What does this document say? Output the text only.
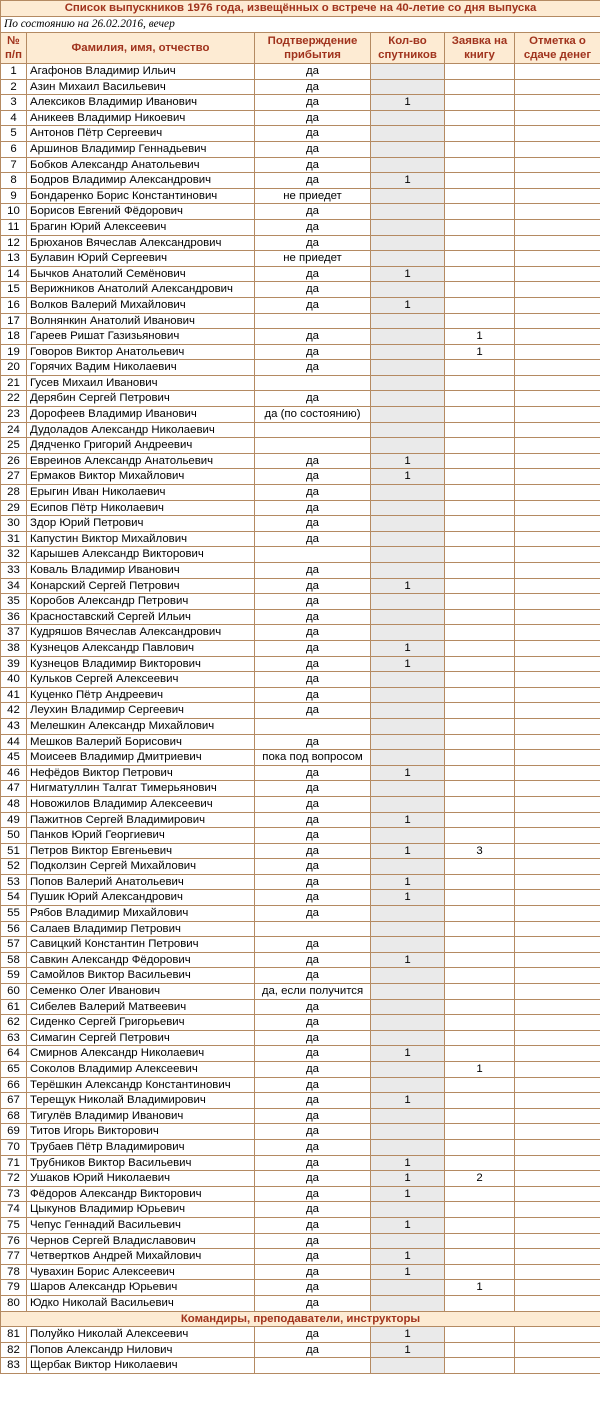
Список выпускников 1976 года, извещённых о встрече на 40-летие со дня выпуска					
По состоянию на 26.02.2016, вечер					
№ п/п	Фамилия, имя, отчество	Подтверждение прибытия	Кол-во спутников	Заявка на книгу	Отметка о сдаче денег
1	Агафонов Владимир Ильич	да			
2	Азин Михаил Васильевич	да			
3	Алексиков Владимир Иванович	да	1		
4	Аникеев Владимир Никоевич	да			
5	Антонов Пётр Сергеевич	да			
6	Аршинов Владимир Геннадьевич	да			
7	Бобков Александр Анатольевич	да			
8	Бодров Владимир Александрович	да	1		
9	Бондаренко Борис Константинович	не приедет			
10	Борисов Евгений Фёдорович	да			
11	Брагин Юрий Алексеевич	да			
12	Брюханов Вячеслав Александрович	да			
13	Булавин Юрий Сергеевич	не приедет			
14	Бычков Анатолий Семёнович	да	1		
15	Верижников Анатолий Александрович	да			
16	Волков Валерий Михайлович	да	1		
17	Волнянкин Анатолий Иванович				
18	Гареев Ришат Газизьянович	да		1	
19	Говоров Виктор Анатольевич	да		1	
20	Горячих Вадим Николаевич	да			
21	Гусев Михаил Иванович				
22	Дерябин Сергей Петрович	да			
23	Дорофеев Владимир Иванович	да (по состоянию)			
24	Дудоладов Александр Николаевич				
25	Дядченко Григорий Андреевич				
26	Евреинов Александр Анатольевич	да	1		
27	Ермаков Виктор Михайлович	да	1		
28	Ерыгин Иван Николаевич	да			
29	Есипов Пётр Николаевич	да			
30	Здор Юрий Петрович	да			
31	Капустин Виктор Михайлович	да			
32	Карышев Александр Викторович				
33	Коваль Владимир Иванович	да			
34	Конарский Сергей Петрович	да	1		
35	Коробов Александр Петрович	да			
36	Красноставский Сергей Ильич	да			
37	Кудряшов Вячеслав Александрович	да			
38	Кузнецов Александр Павлович	да	1		
39	Кузнецов Владимир Викторович	да	1		
40	Кульков Сергей Алексеевич	да			
41	Куценко Пётр Андреевич	да			
42	Леухин Владимир Сергеевич	да			
43	Мелешкин Александр Михайлович				
44	Мешков Валерий Борисович	да			
45	Моисеев Владимир Дмитриевич	пока под вопросом			
46	Нефёдов Виктор Петрович	да	1		
47	Нигматуллин Талгат Тимерьянович	да			
48	Новожилов Владимир Алексеевич	да			
49	Пажитнов Сергей Владимирович	да	1		
50	Панков Юрий Георгиевич	да			
51	Петров Виктор Евгеньевич	да	1	3	
52	Подколзин Сергей Михайлович	да			
53	Попов Валерий Анатольевич	да	1		
54	Пушик Юрий Александрович	да	1		
55	Рябов Владимир Михайлович	да			
56	Салаев Владимир Петрович				
57	Савицкий Константин Петрович	да			
58	Савкин Александр Фёдорович	да	1		
59	Самойлов Виктор Васильевич	да			
60	Семенко Олег Иванович	да, если получится			
61	Сибелев Валерий Матвеевич	да			
62	Сиденко Сергей Григорьевич	да			
63	Симагин Сергей Петрович	да			
64	Смирнов Александр Николаевич	да	1		
65	Соколов Владимир Алексеевич	да		1	
66	Терёшкин Александр Константинович	да			
67	Терещук Николай Владимирович	да	1		
68	Тигулёв Владимир Иванович	да			
69	Титов Игорь Викторович	да			
70	Трубаев Пётр Владимирович	да			
71	Трубников Виктор Васильевич	да	1		
72	Ушаков Юрий Николаевич	да	1	2	
73	Фёдоров Александр Викторович	да	1		
74	Цыкунов Владимир Юрьевич	да			
75	Чепус Геннадий Васильевич	да	1		
76	Чернов Сергей Владиславович	да			
77	Четвертков Андрей Михайлович	да	1		
78	Чувахин Борис Алексеевич	да	1		
79	Шаров Александр Юрьевич	да		1	
80	Юдко Николай Васильевич	да			
Командиры, преподаватели, инструкторы					
81	Полуйко Николай Алексеевич	да	1		
82	Попов Александр Нилович	да	1		
83	Щербак Виктор Николаевич				
